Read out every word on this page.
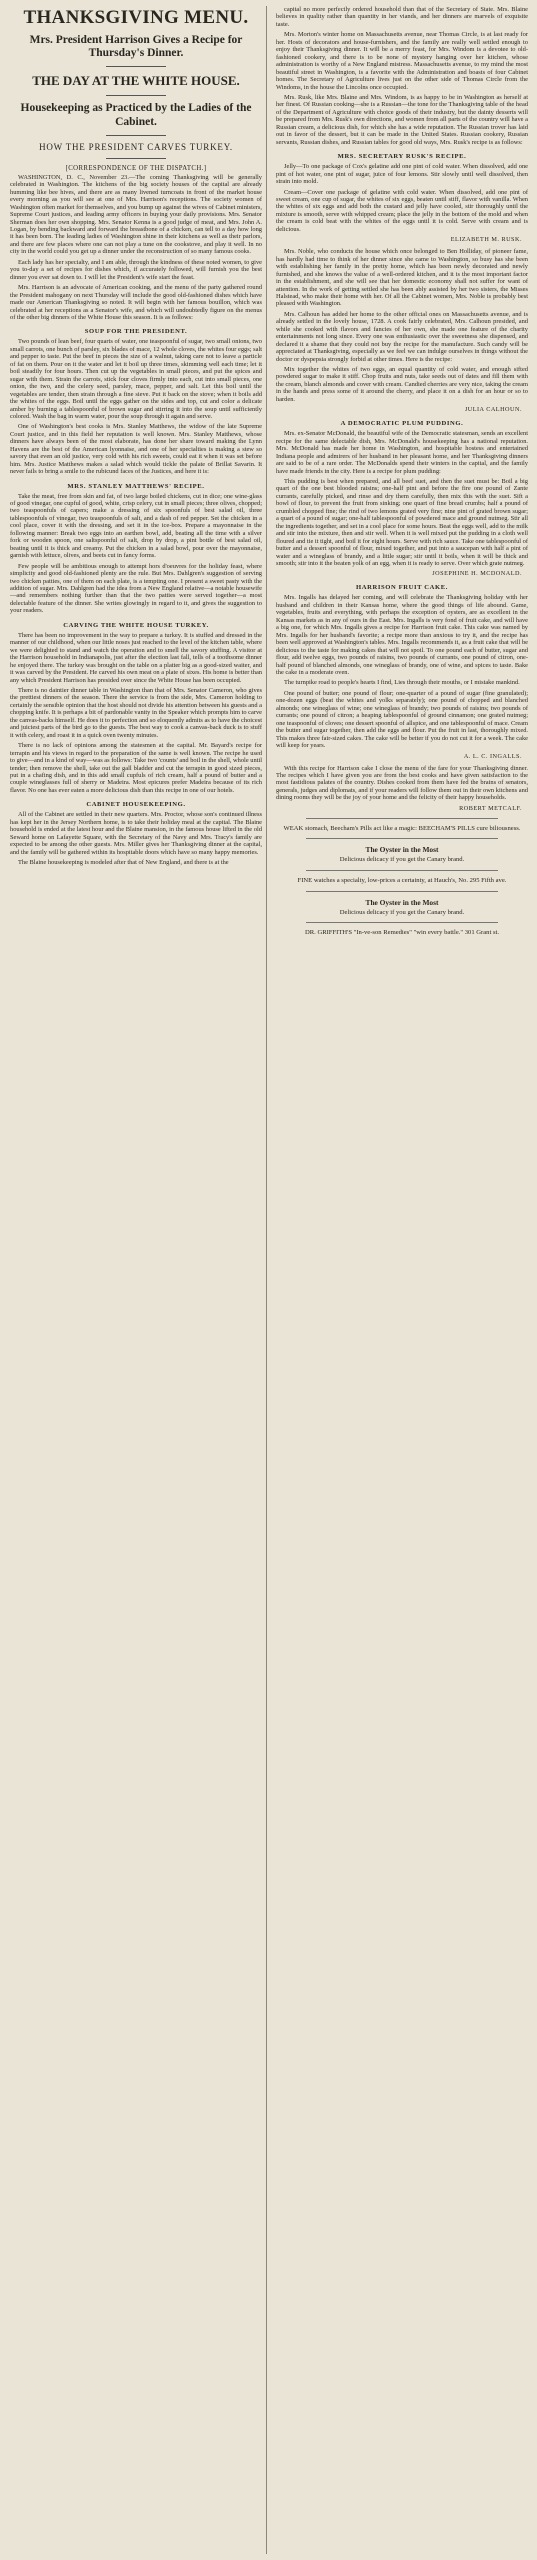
THANKSGIVING MENU.
Mrs. President Harrison Gives a Recipe for Thursday's Dinner.
THE DAY AT THE WHITE HOUSE.
Housekeeping as Practiced by the Ladies of the Cabinet.
HOW THE PRESIDENT CARVES TURKEY.
[CORRESPONDENCE OF THE DISPATCH.]

WASHINGTON, D. C., November 23.—The coming Thanksgiving will be generally celebrated in Washington. The kitchens of the big society houses of the capital are already humming like bee hives, and there are as many livened turncoats in front of the market house every morning as you will see at one of Mrs. Harrison's receptions. The society women of Washington often market for themselves, and you bump up against the wives of Cabinet ministers, Supreme Court justices, and leading army officers in buying your daily provisions. Mrs. Senator Sherman does her own shopping. Mrs. Senator Kenna is a good judge of meat, and Mrs. John A. Logan, by bending backward and forward the breastbone of a chicken, can tell to a day how long it has been born. The leading ladies of Washington shine in their kitchens as well as their parlors, and there are few places where one can not play a tune on the cookstove, and play it well. In no city in the world could you get up a dinner under the reconstruction of so many famous cooks.

Each lady has her specialty, and I am able, through the kindness of these noted women, to give you to-day a set of recipes for dishes which, if accurately followed, will furnish you the best dinner you ever sat down to. I will let the President's wife start the feast.

Mrs. Harrison is an advocate of American cooking, and the menu of the party gathered round the President mahogany on next Thursday will include the good old-fashioned dishes which have made our American Thanksgiving so noted. It will begin with her famous bouillon, which was celebrated at her receptions as a Senator's wife, and which will undoubtedly figure on the menus of the other big dinners of the White House this season. It is as follows:

SOUP FOR THE PRESIDENT.

Two pounds of lean beef, four quarts of water, one teaspoonful of sugar, two small onions, two small carrots, one bunch of parsley, six blades of mace, 12 whole cloves, the whites four eggs; salt and pepper to taste. Put the beef in pieces the size of a walnut, taking care not to leave a particle of fat on them. Pour on it the water and let it boil up three times, skimming well each time; let it boil steadily for four hours. Then cut up the vegetables in small pieces, and put the spices and sugar with them. Strain the carrots, stick four cloves firmly into each, cut into small pieces, one onion, the two, and the celery seed, parsley, mace, pepper, and salt. Let this boil until the vegetables are tender, then strain through a fine sieve. Put it back on the stove; when it boils add the whites of the eggs. Boil until the eggs gather on the sides and top, cut and color a delicate amber by burning a tablespoonful of brown sugar and stirring it into the soup until sufficiently colored. Wash the bag in warm water, pour the soup through it again and serve.

One of Washington's best cooks is Mrs. Stanley Matthews, the widow of the late Supreme Court justice, and in this field her reputation is well known. Mrs. Stanley Matthews, whose dinners have always been of the most elaborate, has done her share toward making the Lynn Havens are the best of the American lyonnaise, and one of her specialties is making a stew so savory that even an old justice, very cold with his rich sweets, could eat it when it was set before him. Mrs. Justice Matthews makes a salad which would tickle the palate of Brillat Savarin. It never fails to bring a smile to the rubicund faces of the Justices, and here it is:

MRS. STANLEY MATTHEWS' RECIPE.

Take the meat, free from skin and fat, of two large boiled chickens, cut in dice; one wine-glass of good vinegar, one cupful of good, white, crisp celery, cut in small pieces; three olives, chopped; two teaspoonfuls of capers; make a dressing of six spoonfuls of best salad oil, three tablespoonfuls of vinegar, two teaspoonfuls of salt, and a dash of red pepper. Set the chicken in a cool place, cover it with the dressing, and set it in the ice-box. Prepare a mayonnaise in the following manner: Break two eggs into an earthen bowl, add, beating all the time with a silver fork or wooden spoon, one saltspoonful of salt, drop by drop, a pint bottle of best salad oil, beating until it is thick and creamy. Put the chicken in a salad bowl, pour over the mayonnaise, garnish with lettuce, olives, and beets cut in fancy forms.

Few people will be ambitious enough to attempt hors d'oeuvres for the holiday feast, where simplicity and good old-fashioned plenty are the rule. But Mrs. Dahlgren's suggestion of serving two chicken patties, one of them on each plate, is a tempting one. I present a sweet pasty with the addition of sugar. Mrs. Dahlgren had the idea from a New England relative—a notable housewife—and remembers nothing further than that the two patties were served together—a most delectable feature of the dinner. She writes glowingly in regard to it, and gives the suggestion to your readers.

CARVING THE WHITE HOUSE TURKEY.

There has been no improvement in the way to prepare a turkey. It is stuffed and dressed in the manner of our childhood, when our little noses just reached to the level of the kitchen table, where we were delighted to stand and watch the operation and to smell the savory stuffing. A visitor at the Harrison household in Indianapolis, just after the election last fall, tells of a toothsome dinner he enjoyed there. The turkey was brought on the table on a platter big as a good-sized waiter, and it was carved by the President. He carved his own meat on a plate of sixes. His home is better than any which President Harrison has presided over since the White House has been occupied.

There is no daintier dinner table in Washington than that of Mrs. Senator Cameron, who gives the prettiest dinners of the season. There the service is from the side, Mrs. Cameron holding to certainly the sensible opinion that the host should not divide his attention between his guests and a chopping knife. It is perhaps a bit of pardonable vanity in the Speaker which prompts him to carve the canvas-backs himself. He does it to perfection and so eloquently admits as to have the choicest and juiciest parts of the bird go to the guests. The best way to cook a canvas-back duck is to stuff it with celery, and roast it in a quick oven twenty minutes.

There is no lack of opinions among the statesmen at the capital. Mr. Bayard's recipe for terrapin and his views in regard to the preparation of the same is well known. The recipe he used to give—and in a kind of way—was as follows: Take two 'counts' and boil in the shell, whole until tender; then remove the shell, take out the gall bladder and cut the terrapin in good sized pieces, put in a chafing dish, and in this add small cupfuls of rich cream, half a pound of butter and a couple wineglasses full of sherry or Madeira. Most epicures prefer Madeira because of its rich flavor. No one has ever eaten a more delicious dish than this recipe in one of our hotels.

CABINET HOUSEKEEPING.

All of the Cabinet are settled in their new quarters. Mrs. Proctor, whose son's continued illness has kept her in the Jersey Northern home, is to take their holiday meal at the capital. The Blaine household is ended at the latest hour and the Blaine mansion, in the famous house lifted in the old Seward home on Lafayette Square, with the Secretary of the Navy and Mrs. Tracy's family are expected to be among the other guests. Mrs. Miller gives her Thanksgiving dinner at the capital, and the family will be gathered within its hospitable doors which have so many happy memories.

The Blaine housekeeping is modeled after that of New England, and there is at the

capital no more perfectly ordered household than that of the Secretary of State. Mrs. Blaine believes in quality rather than quantity in her viands, and her dinners are marvels of exquisite taste.

Mrs. Morton's winter home on Massachusetts avenue, near Thomas Circle, is at last ready for her. Hosts of decorators and house-furnishers, and the family are really well settled enough to enjoy their Thanksgiving dinner. It will be a merry feast, for Mrs. Windom is a devotee to old-fashioned cookery, and there is to be none of mystery hanging over her kitchen, whose administration is worthy of a New England mistress. Massachusetts avenue, to my mind the most beautiful street in Washington, is a favorite with the Administration and boasts of four Cabinet homes. The Secretary of Agriculture lives just on the other side of Thomas Circle from the Windoms, in the house the Lincolns once occupied.

Mrs. Rusk, like Mrs. Blaine and Mrs. Windom, is as happy to be in Washington as herself at her finest. Of Russian cooking—she is a Russian—the tone for the Thanksgiving table of the head of the Department of Agriculture with choice goods of their industry, but the dainty desserts will be prepared from Mrs. Rusk's own directions, and women from all parts of the country will have a Russian cream, a delicious dish, for which she has a wide reputation. The Russian trover has laid out in favor of the dessert, but it can be made in the United States. Russian cookery, Russian servants, Russian dishes, and Russian tables for good old ways, Mrs. Rusk's recipe is as follows:

MRS. SECRETARY RUSK'S RECIPE.

Jelly—To one package of Cox's gelatine add one pint of cold water. When dissolved, add one pint of hot water, one pint of sugar, juice of four lemons. Stir slowly until well dissolved, then strain into mold.

Cream—Cover one package of gelatine with cold water. When dissolved, add one pint of sweet cream, one cup of sugar, the whites of six eggs, beaten until stiff, flavor with vanilla. When the whites of six eggs and add both the custard and jelly have cooled, stir thoroughly until the mixture is smooth, serve with whipped cream; place the jelly in the bottom of the mold and when the cream is cold beat with the whites of the eggs until it is cold. Serve with cream and is delicious.

ELIZABETH M. RUSK.

Mrs. Noble, who conducts the house which once belonged to Ben Holliday, of pioneer fame, has hardly had time to think of her dinner since she came to Washington, so busy has she been with establishing her family in the pretty home, which has been newly decorated and newly furnished, and she knows the value of a well-ordered kitchen, and it is the most important factor in the establishment, and she will see that her domestic economy shall not suffer for want of attention. In the work of getting settled she has been ably assisted by her two sisters, the Misses Halstead, who make their home with her. Of all the Cabinet women, Mrs. Noble is probably best pleased with Washington.

Mrs. Calhoun has added her home to the other official ones on Massachusetts avenue, and is already settled in the lovely house, 1728. A cook fairly celebrated, Mrs. Calhoun presided, and while she cooked with flavors and fancies of her own, she made one feature of the charity entertainments not long since. Every one was enthusiastic over the sweetness she dispensed, and declared it a shame that they could not buy the recipe for the manufacture. Such candy will be appreciated at Thanksgiving, especially as we feel we can indulge ourselves in things without the doctor or dyspepsia strongly forbid at other times. Here is the recipe:

Mix together the whites of two eggs, an equal quantity of cold water, and enough sifted powdered sugar to make it stiff. Chop fruits and nuts, take seeds out of dates and fill them with the cream, blanch almonds and cover with cream. Candied cherries are very nice, taking the cream in the hands and press some of it around the cherry, and place it on a dish for an hour or so to harden.

JULIA CALHOUN.
A DEMOCRATIC PLUM PUDDING.

Mrs. ex-Senator McDonald, the beautiful wife of the Democratic statesman, sends an excellent recipe for the same delectable dish, Mrs. McDonald's housekeeping has a national reputation. Mrs. McDonald has made her home in Washington, and hospitable hostess and entertained Indiana people and admirers of her husband in her pleasant home, and her Thanksgiving dinners are said to be of a rare order. The McDonalds spend their winters in the capital, and the family have made friends in the city. Here is a recipe for plum pudding:

This pudding is best when prepared, and all beef suet, and then the suet must be: Boil a big quart of the one best blooded raisins; one-half pint and before the fire one pound of Zante currants, carefully picked, and rinse and dry them carefully, then mix this with the suet. Sift a bowl of flour, to prevent the fruit from sinking; one quart of fine bread crumbs; half a pound of crumbled chopped fine; the rind of two lemons grated very fine; nine pint of grated brown sugar; a quart of a pound of sugar; one-half tablespoonful of powdered mace and ground nutmeg. Stir all the ingredients together, and set in a cool place for some hours. Beat the eggs well, add to the milk and stir into the mixture, then and stir well. When it is well mixed put the pudding in a cloth well floured and tie it tight, and boil it for eight hours. Serve with rich sauce. Take one tablespoonful of butter and a dessert spoonful of flour, mixed together, and put into a saucepan with half a pint of water and a wineglass of brandy, and a little sugar; stir until it boils, when it will be thick and smooth; stir into it the beaten yolk of an egg, when it is ready to serve. Over which grate nutmeg.

JOSEPHINE H. MCDONALD.
HARRISON FRUIT CAKE.

Mrs. Ingalls has delayed her coming, and will celebrate the Thanksgiving holiday with her husband and children in their Kansas home, where the good things of life abound. Game, vegetables, fruits and everything, with perhaps the exception of oysters, are as excellent in the Kansas markets as in any of ours in the East. Mrs. Ingalls is very fond of fruit cake, and will have a big one, for which Mrs. Ingalls gives a recipe for Harrison fruit cake. This cake was named by Mrs. Ingalls for her husband's favorite; a recipe more than anxious to try it, and the recipe has been well approved at Washington's tables. Mrs. Ingalls recommends it, as a fruit cake that will be delicious to the taste for making cakes that will not spoil. To one pound each of butter, sugar and flour, add twelve eggs, two pounds of raisins, two pounds of currants, one pound of citron, one-half pound of blanched almonds, one wineglass of brandy, one of wine, and spices to taste. Bake the cake in a moderate oven.

The turnpike road to people's hearts I find, Lies through their mouths, or I mistake mankind.

One pound of butter; one pound of flour; one-quarter of a pound of sugar (fine granulated); one-dozen eggs (beat the whites and yolks separately); one pound of chopped and blanched almonds; one wineglass of wine; one wineglass of brandy; two pounds of raisins; two pounds of currants; one pound of citron; a heaping tablespoonful of ground cinnamon; one grated nutmeg; one teaspoonful of cloves; one dessert spoonful of allspice, and one tablespoonful of mace. Cream the butter and sugar together, then add the eggs and flour. Put the fruit in last, thoroughly mixed. This makes three fair-sized cakes. The cake will be better if you do not cut it for a week. The cake will keep for years.

A. L. C. INGALLS.

With this recipe for Harrison cake I close the menu of the fare for your Thanksgiving dinner. The recipes which I have given you are from the best cooks and have given satisfaction to the most fastidious palates of the country. Dishes cooked from them have fed the brains of senators, generals, judges and diplomats, and if your readers will follow them out in their own kitchens and dining rooms they will be the joy of your home and the felicity of their happy households.

ROBERT METCALF.
WEAK stomach, Beecham's Pills act like a magic: BEECHAM'S PILLS cure biliousness.
The Oyster in the Most
Delicious delicacy if you get the Canary brand.
FINE watches a specialty, low-prices a certainty, at Hauch's, No. 295 Fifth ave.
The Oyster in the Most
Delicious delicacy if you get the Canary brand.
DR. GRIFFITH'S "In-ve-son Remedies" "win every battle." 301 Grant st.
